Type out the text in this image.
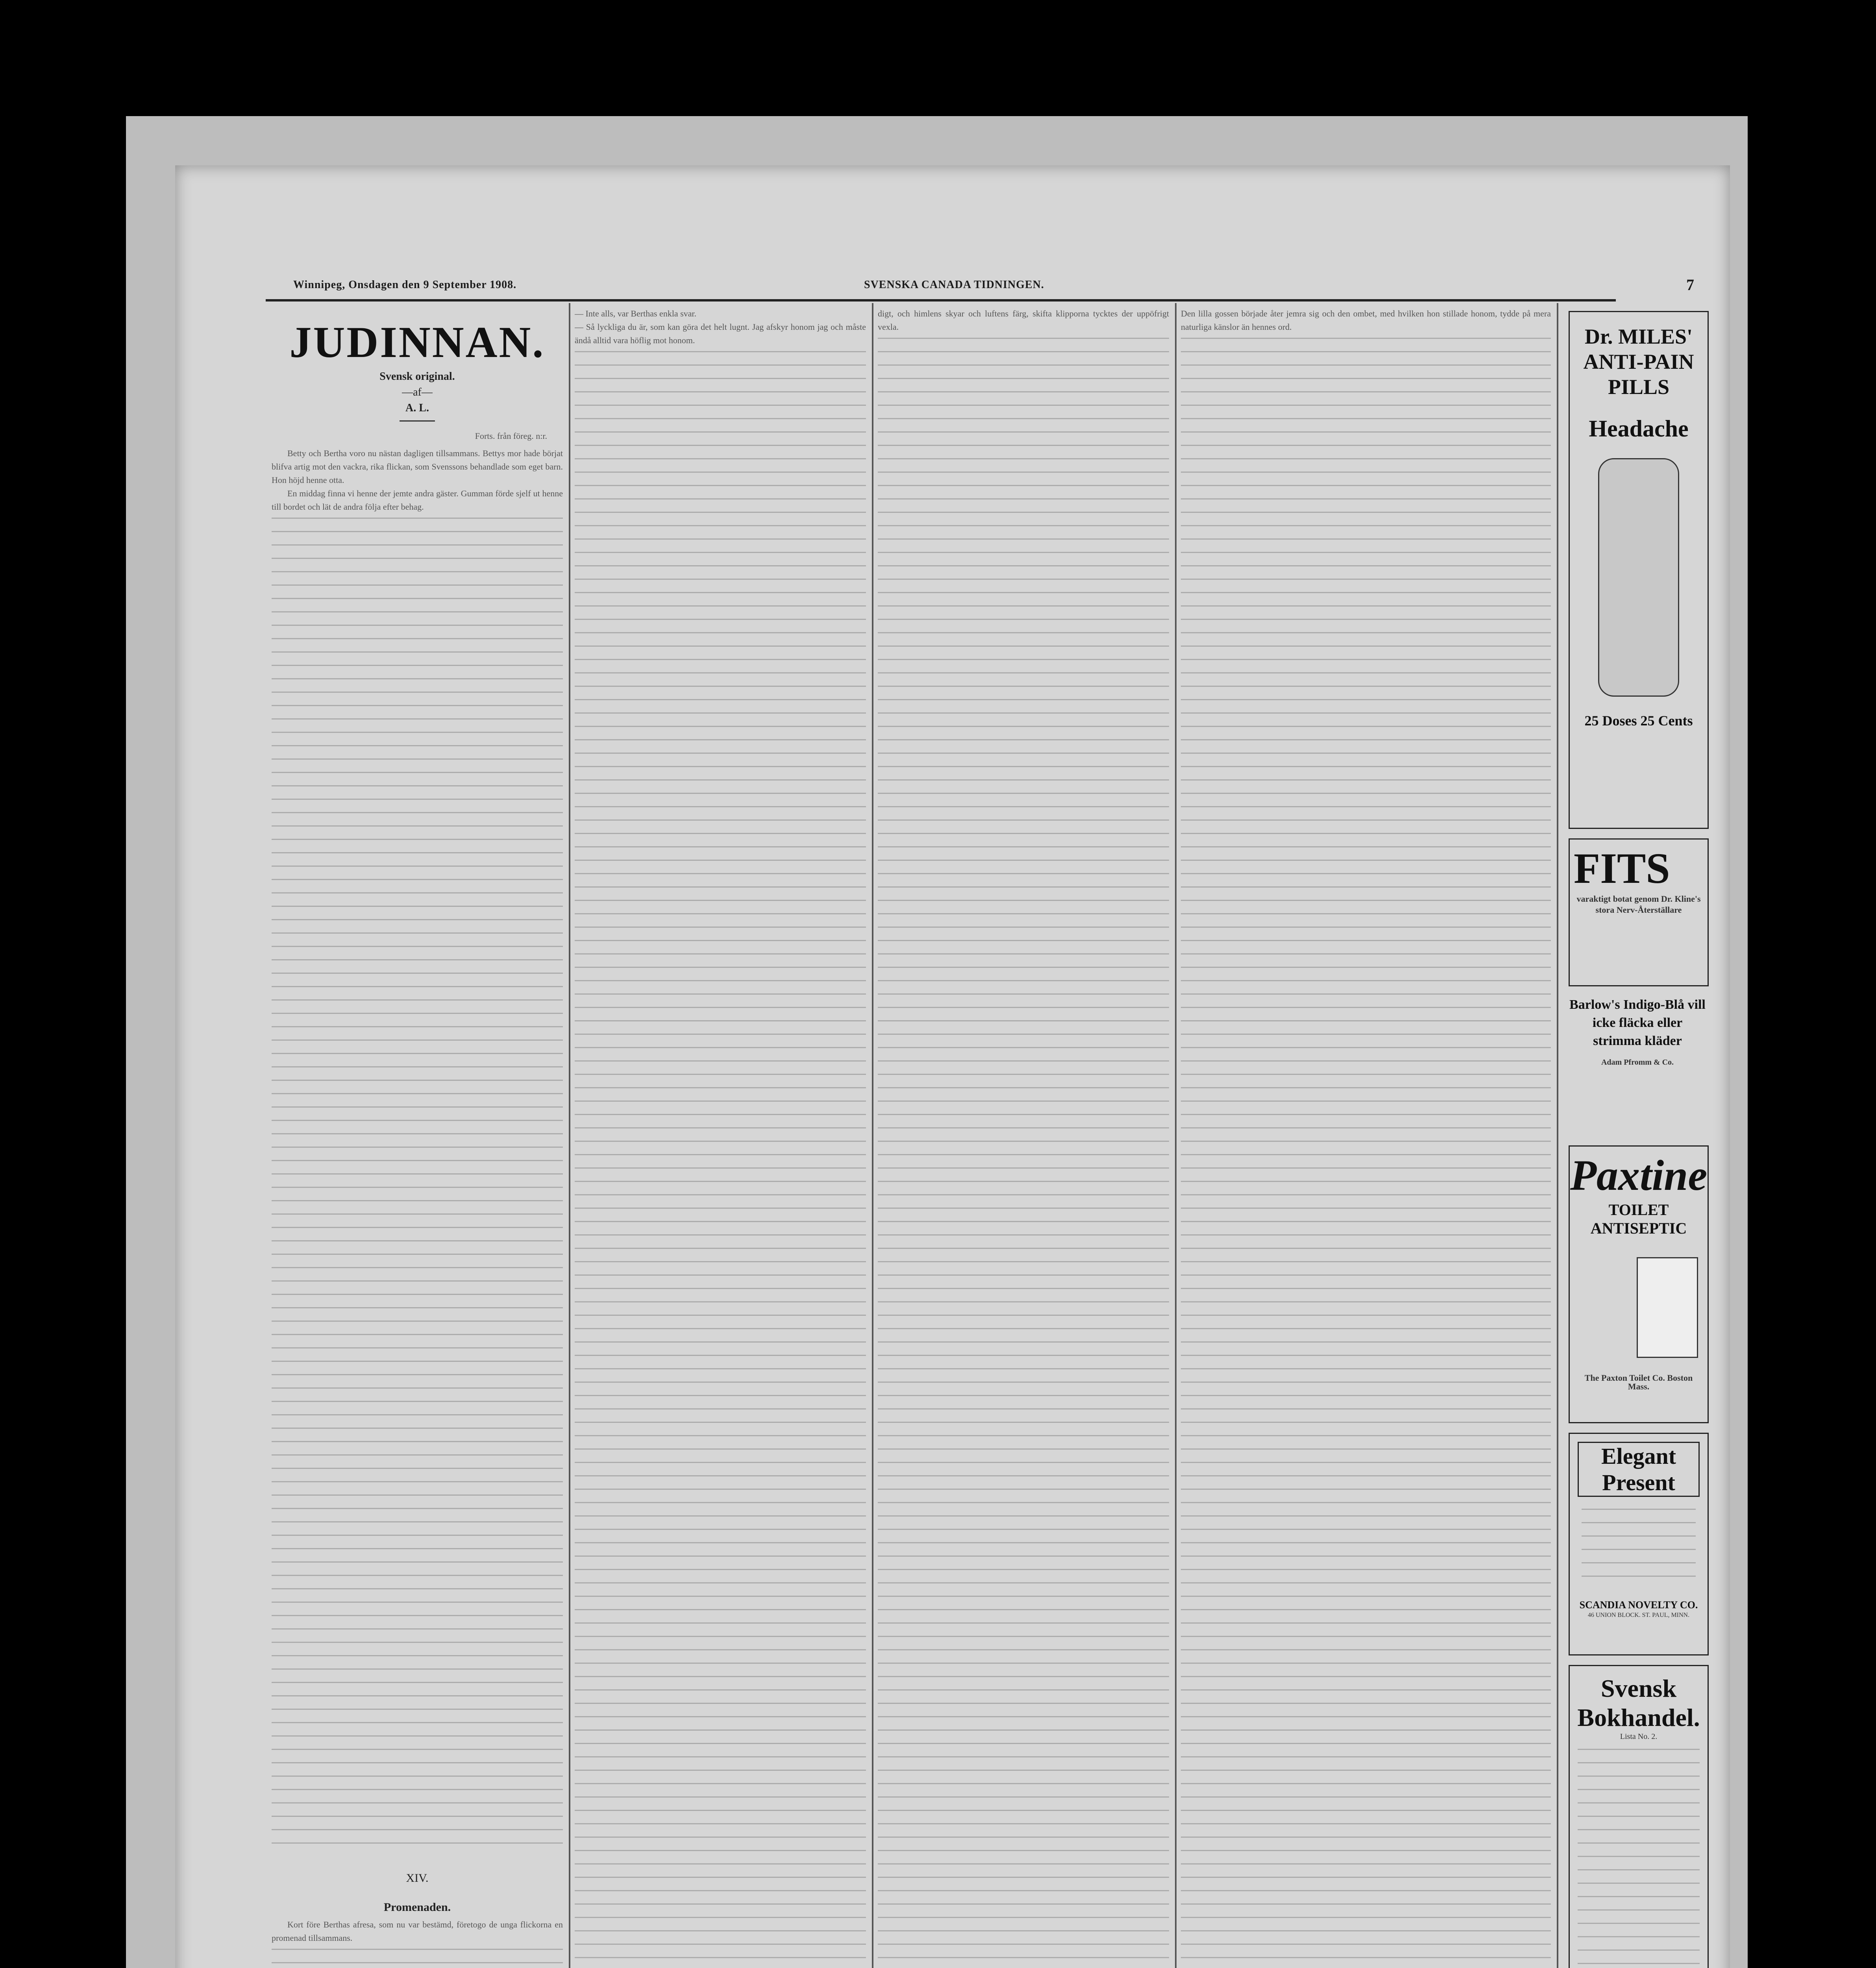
Winnipeg, Onsdagen den 9 September 1908.	SVENSKA CANADA TIDNINGEN.	7
JUDINNAN.
Svensk original.
—af—
A. L.

Forts. från föreg. n:r.

Betty och Bertha voro nu nästan dagligen tillsammans. Bettys mor hade börjat blifva artig mot den vackra, rika flickan, som Svenssons behandlade som eget barn. Hon höjd henne otta.

En middag finna vi henne der jemte andra gäster. Gumman förde sjelf ut henne till bordet och lät de andra följa efter behag.

XIV.
Promenaden.

Kort före Berthas afresa, som nu var bestämd, företogo de unga flickorna en promenad tillsammans.

— Inte alls, var Berthas enkla svar.

— Så lyckliga du är, som kan göra det helt lugnt. Jag afskyr honom jag och måste ändå alltid vara höflig mot honom.

digt, och himlens skyar och luftens färg, skifta klipporna tycktes der uppöfrigt vexla.

Den lilla gossen började åter jemra sig och den ombet, med hvilken hon stillade honom, tydde på mera naturliga känslor än hennes ord.	Dr. MILES' ANTI-PAIN PILLS
Headache
25 Doses 25 Cents
FITS
varaktigt botat genom Dr. Kline's stora Nerv-Återställare
Barlow's Indigo-Blå vill icke fläcka eller strimma kläder
Adam Pfromm & Co.
Paxtine
TOILET ANTISEPTIC
The Paxton Toilet Co. Boston Mass.
Elegant Present
SCANDIA NOVELTY CO.
46 UNION BLOCK. ST. PAUL, MINN.
Svensk Bokhandel.
Lista No. 2.
